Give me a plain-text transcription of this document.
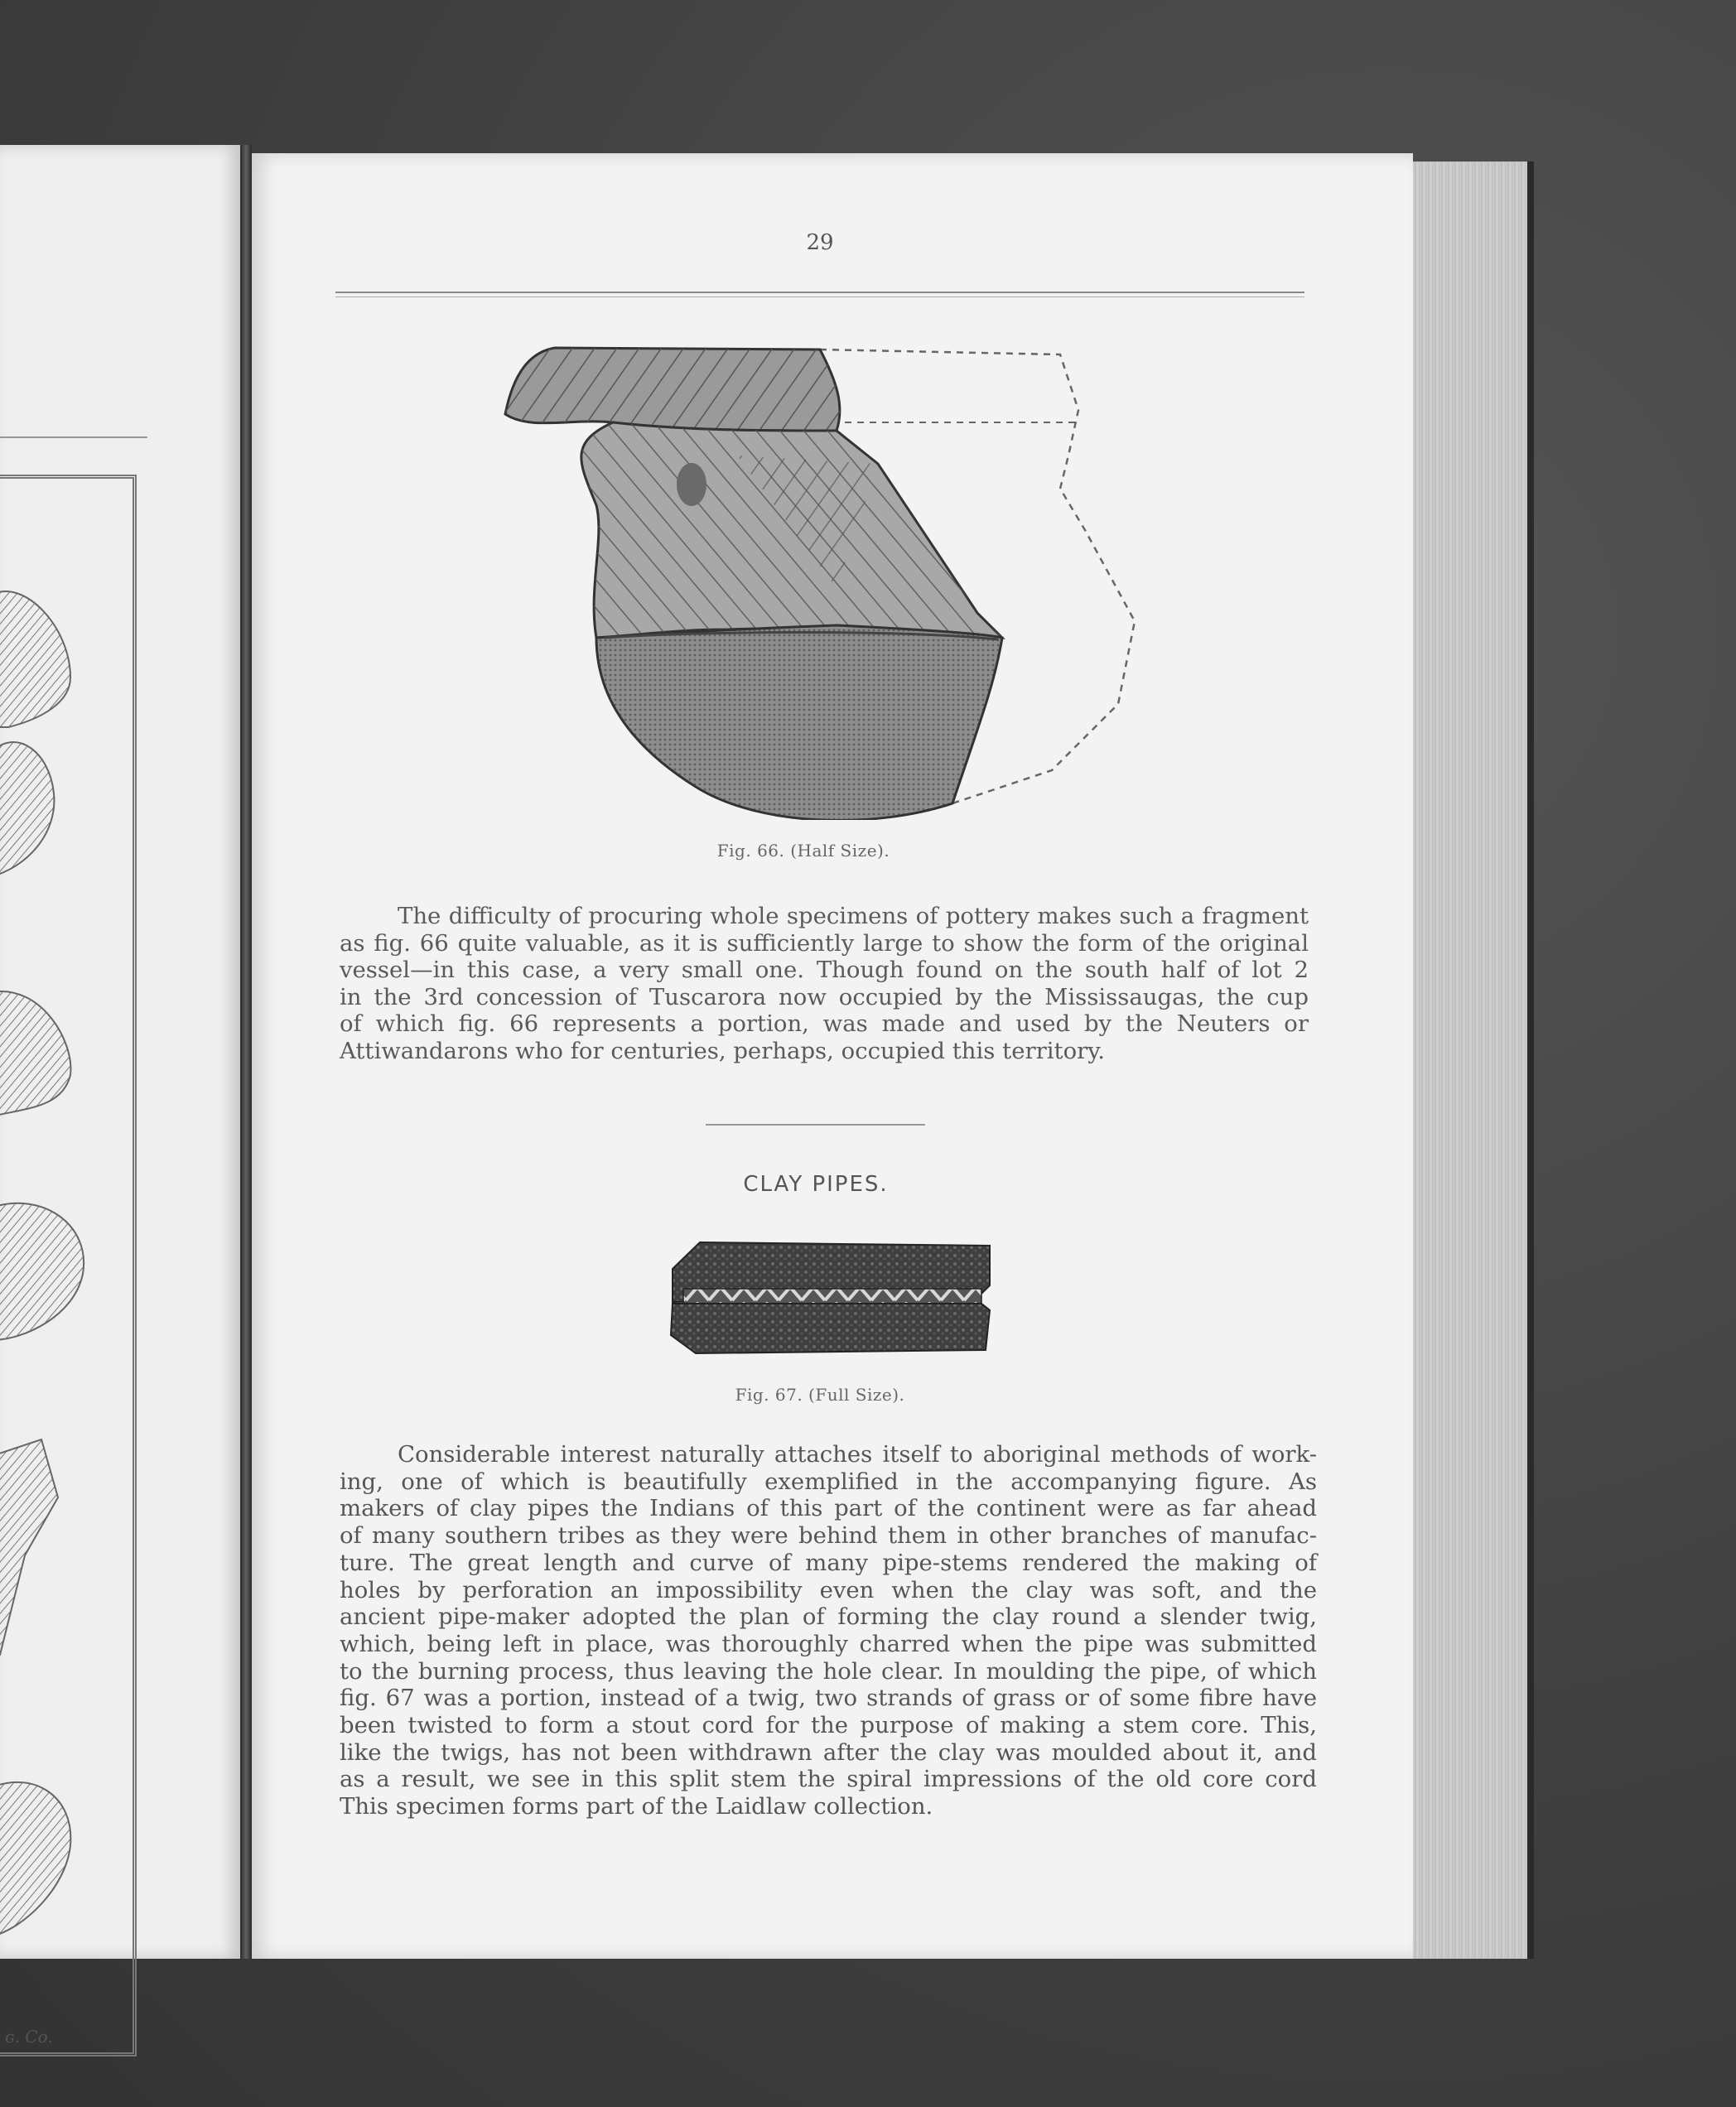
ɢ. Co.
29
Fig. 66. (Half Size).
The difficulty of procuring whole specimens of pottery makes such a fragment
as fig. 66 quite valuable, as it is sufficiently large to show the form of the original
vessel—in this case, a very small one. Though found on the south half of lot 2
in the 3rd concession of Tuscarora now occupied by the Mississaugas, the cup
of which fig. 66 represents a portion, was made and used by the Neuters or
Attiwandarons who for centuries, perhaps, occupied this territory.
CLAY PIPES.
Fig. 67. (Full Size).
Considerable interest naturally attaches itself to aboriginal methods of work-
ing, one of which is beautifully exemplified in the accompanying figure. As
makers of clay pipes the Indians of this part of the continent were as far ahead
of many southern tribes as they were behind them in other branches of manufac-
ture. The great length and curve of many pipe-stems rendered the making of
holes by perforation an impossibility even when the clay was soft, and the
ancient pipe-maker adopted the plan of forming the clay round a slender twig,
which, being left in place, was thoroughly charred when the pipe was submitted
to the burning process, thus leaving the hole clear. In moulding the pipe, of which
fig. 67 was a portion, instead of a twig, two strands of grass or of some fibre have
been twisted to form a stout cord for the purpose of making a stem core. This,
like the twigs, has not been withdrawn after the clay was moulded about it, and
as a result, we see in this split stem the spiral impressions of the old core cord
This specimen forms part of the Laidlaw collection.
